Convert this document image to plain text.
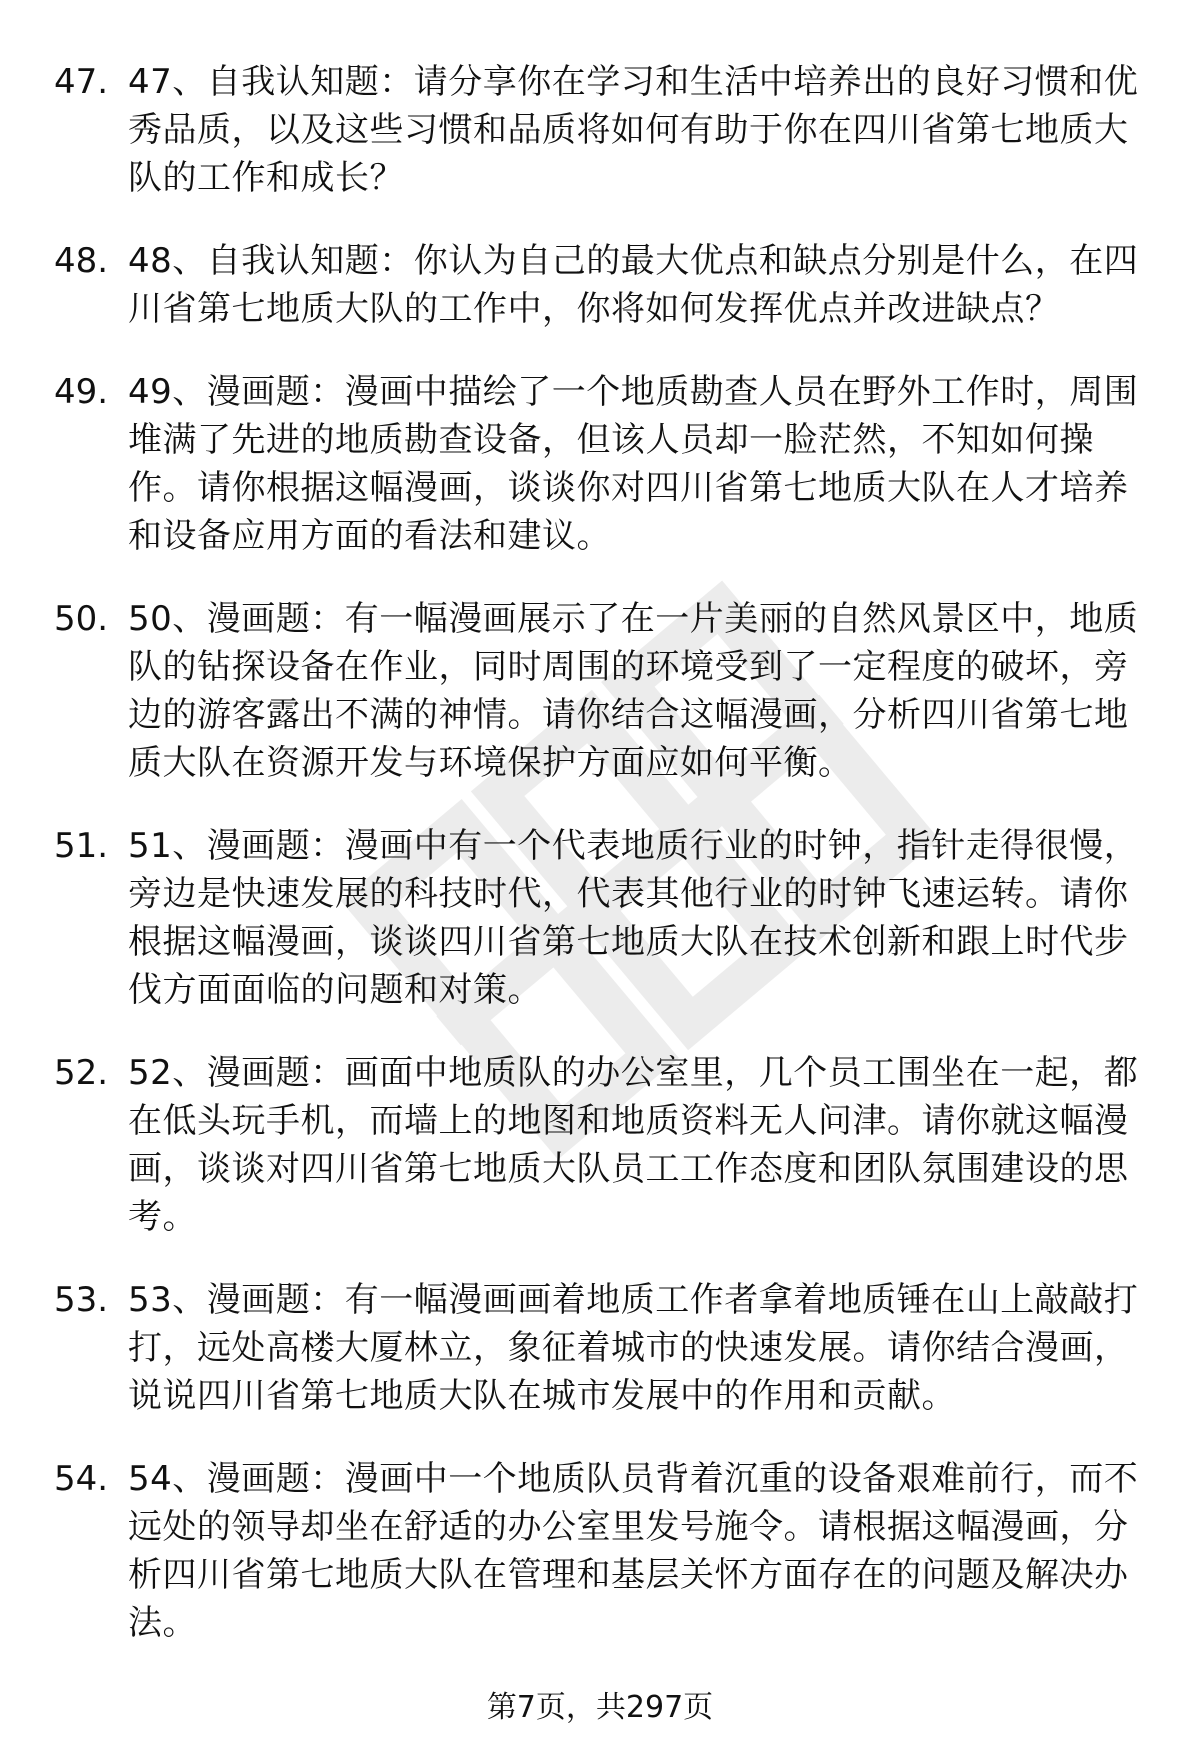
47. 47、自我认知题：请分享你在学习和生活中培养出的良好习惯和优秀品质，以及这些习惯和品质将如何有助于你在四川省第七地质大队的工作和成长？
48. 48、自我认知题：你认为自己的最大优点和缺点分别是什么，在四川省第七地质大队的工作中，你将如何发挥优点并改进缺点？
49. 49、漫画题：漫画中描绘了一个地质勘查人员在野外工作时，周围堆满了先进的地质勘查设备，但该人员却一脸茫然，不知如何操作。请你根据这幅漫画，谈谈你对四川省第七地质大队在人才培养和设备应用方面的看法和建议。
50. 50、漫画题：有一幅漫画展示了在一片美丽的自然风景区中，地质队的钻探设备在作业，同时周围的环境受到了一定程度的破坏，旁边的游客露出不满的神情。请你结合这幅漫画，分析四川省第七地质大队在资源开发与环境保护方面应如何平衡。
51. 51、漫画题：漫画中有一个代表地质行业的时钟，指针走得很慢，旁边是快速发展的科技时代，代表其他行业的时钟飞速运转。请你根据这幅漫画，谈谈四川省第七地质大队在技术创新和跟上时代步伐方面面临的问题和对策。
52. 52、漫画题：画面中地质队的办公室里，几个员工围坐在一起，都在低头玩手机，而墙上的地图和地质资料无人问津。请你就这幅漫画，谈谈对四川省第七地质大队员工工作态度和团队氛围建设的思考。
53. 53、漫画题：有一幅漫画画着地质工作者拿着地质锤在山上敲敲打打，远处高楼大厦林立，象征着城市的快速发展。请你结合漫画，说说四川省第七地质大队在城市发展中的作用和贡献。
54. 54、漫画题：漫画中一个地质队员背着沉重的设备艰难前行，而不远处的领导却坐在舒适的办公室里发号施令。请根据这幅漫画，分析四川省第七地质大队在管理和基层关怀方面存在的问题及解决办法。
第7页，共297页
